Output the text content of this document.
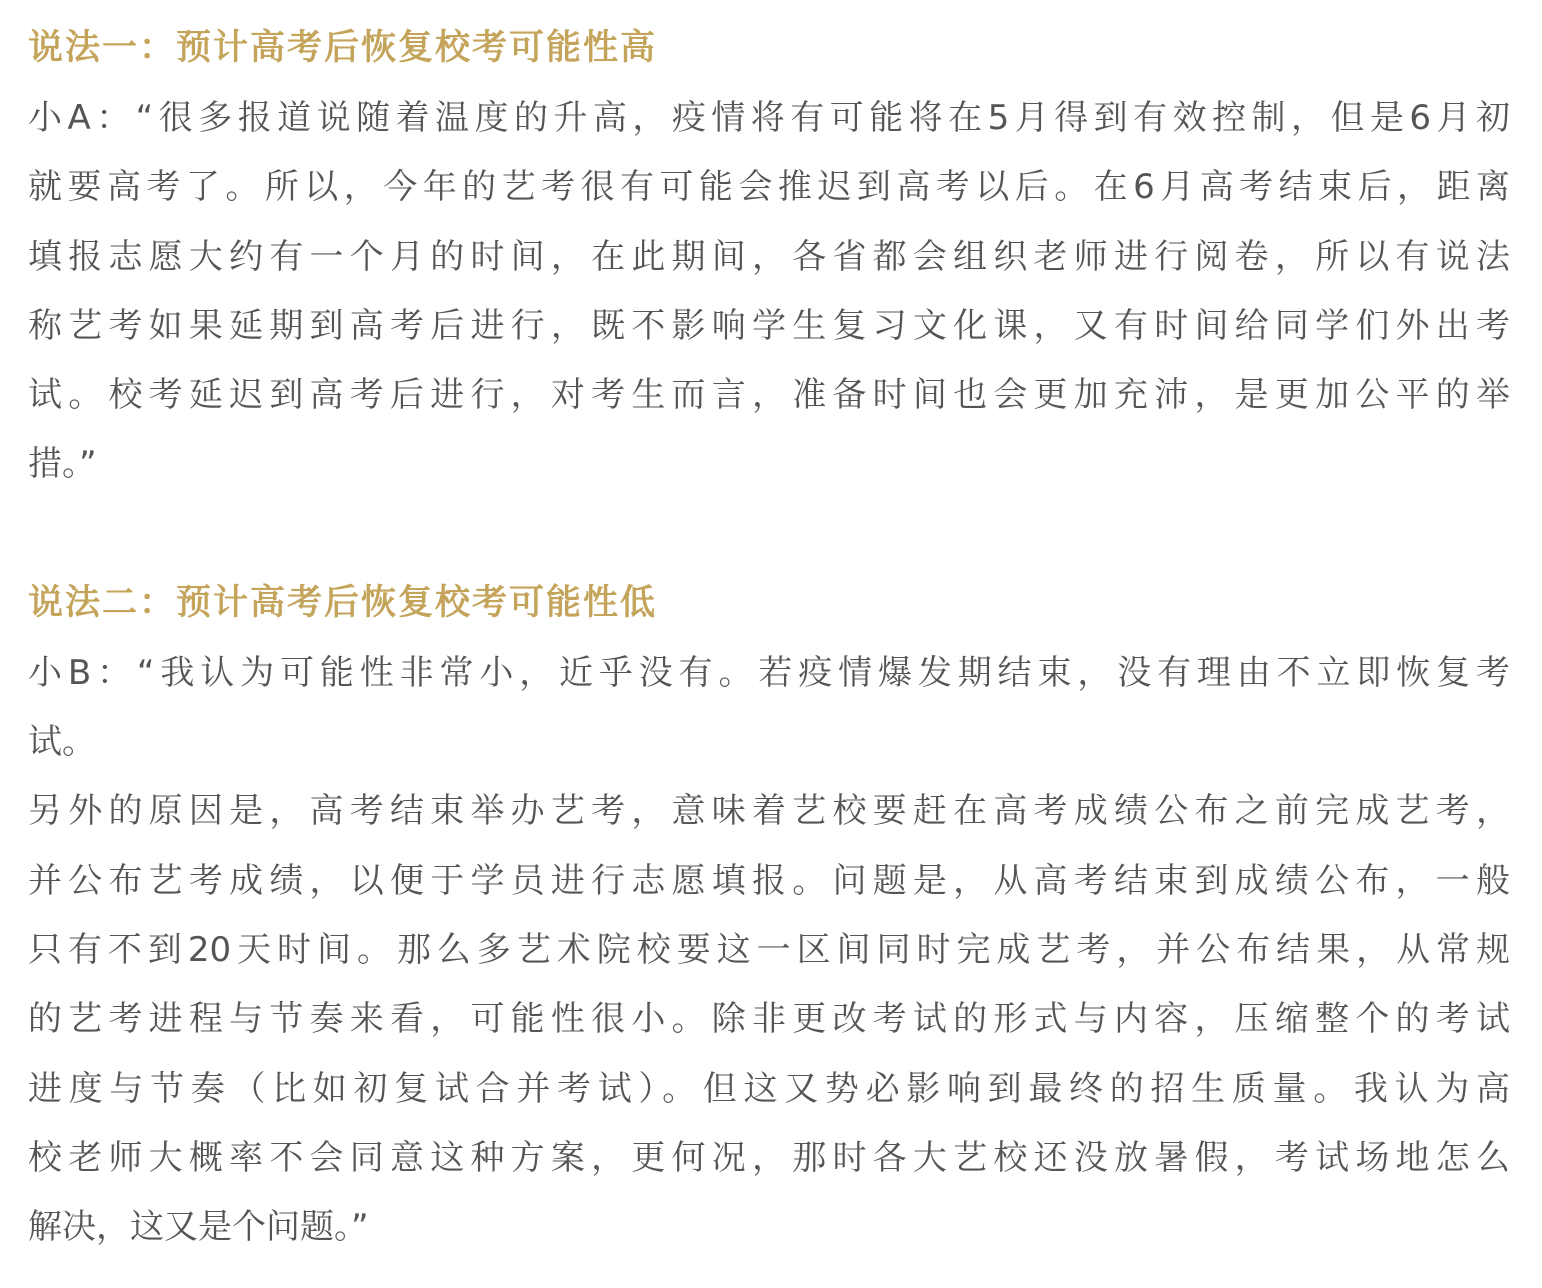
说法一：预计高考后恢复校考可能性高

小A：“很多报道说随着温度的升高，疫情将有可能将在5月得到有效控制，但是6月初

就要高考了。所以，今年的艺考很有可能会推迟到高考以后。在6月高考结束后，距离

填报志愿大约有一个月的时间，在此期间，各省都会组织老师进行阅卷，所以有说法

称艺考如果延期到高考后进行，既不影响学生复习文化课，又有时间给同学们外出考

试。校考延迟到高考后进行，对考生而言，准备时间也会更加充沛，是更加公平的举

措。”

说法二：预计高考后恢复校考可能性低

小B：“我认为可能性非常小，近乎没有。若疫情爆发期结束，没有理由不立即恢复考

试。

另外的原因是，高考结束举办艺考，意味着艺校要赶在高考成绩公布之前完成艺考，

并公布艺考成绩，以便于学员进行志愿填报。问题是，从高考结束到成绩公布，一般

只有不到20天时间。那么多艺术院校要这一区间同时完成艺考，并公布结果，从常规

的艺考进程与节奏来看，可能性很小。除非更改考试的形式与内容，压缩整个的考试

进度与节奏（比如初复试合并考试）。但这又势必影响到最终的招生质量。我认为高

校老师大概率不会同意这种方案，更何况，那时各大艺校还没放暑假，考试场地怎么

解决，这又是个问题。”
